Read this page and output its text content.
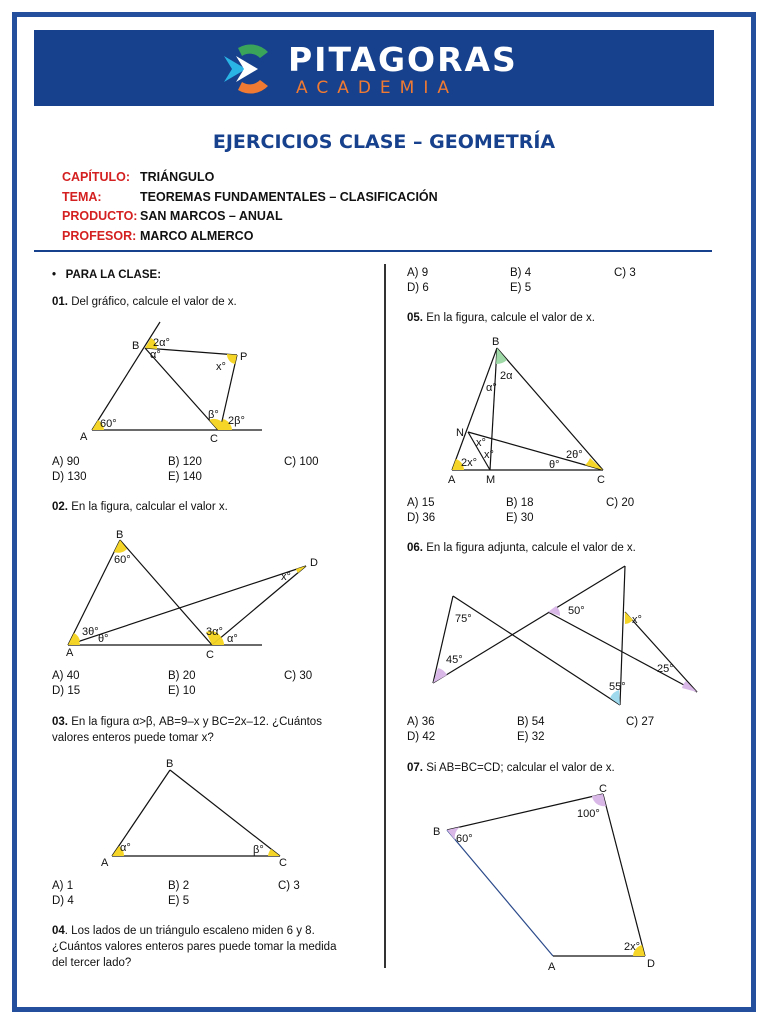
PITAGORAS
ACADEMIA
EJERCICIOS CLASE – GEOMETRÍA
CAPÍTULO: TRIÁNGULO
TEMA:	TEOREMAS FUNDAMENTALES – CLASIFICACIÓN
PRODUCTO: SAN MARCOS – ANUAL
PROFESOR: MARCO ALMERCO
• PARA LA CLASE:
01. Del gráfico, calcule el valor de x.
A	C
B
P
2α°
α°
x°
β° 2β°
60°
B
60°
A
3θ°
θ°
C
3α°
α°
D
x°
B
A	C
α°	β°
B
N
A	M	C
α°
2α
x°
x°
2x°
2θ°
θ°
75°
45°
50°
55°
x°
25°
B
C
A	D
60°
100°
2x°
A) 90	B) 120	C) 100
D) 130	E) 140
02. En la figura, calcular el valor x.
A) 40	B) 20	C) 30
D) 15	E) 10
03. En la figura α>β, AB=9–x y BC=2x–12. ¿Cuántos
valores enteros puede tomar x?
A) 1	B) 2	C) 3
D) 4	E) 5
04. Los lados de un triángulo escaleno miden 6 y 8.
¿Cuántos valores enteros pares puede tomar la medida
del tercer lado?
A) 9	B) 4	C) 3
D) 6	E) 5
05. En la figura, calcule el valor de x.
A) 15	B) 18	C) 20
D) 36	E) 30
06. En la figura adjunta, calcule el valor de x.
A) 36	B) 54	C) 27
D) 42	E) 32
07. Si AB=BC=CD; calcular el valor de x.
